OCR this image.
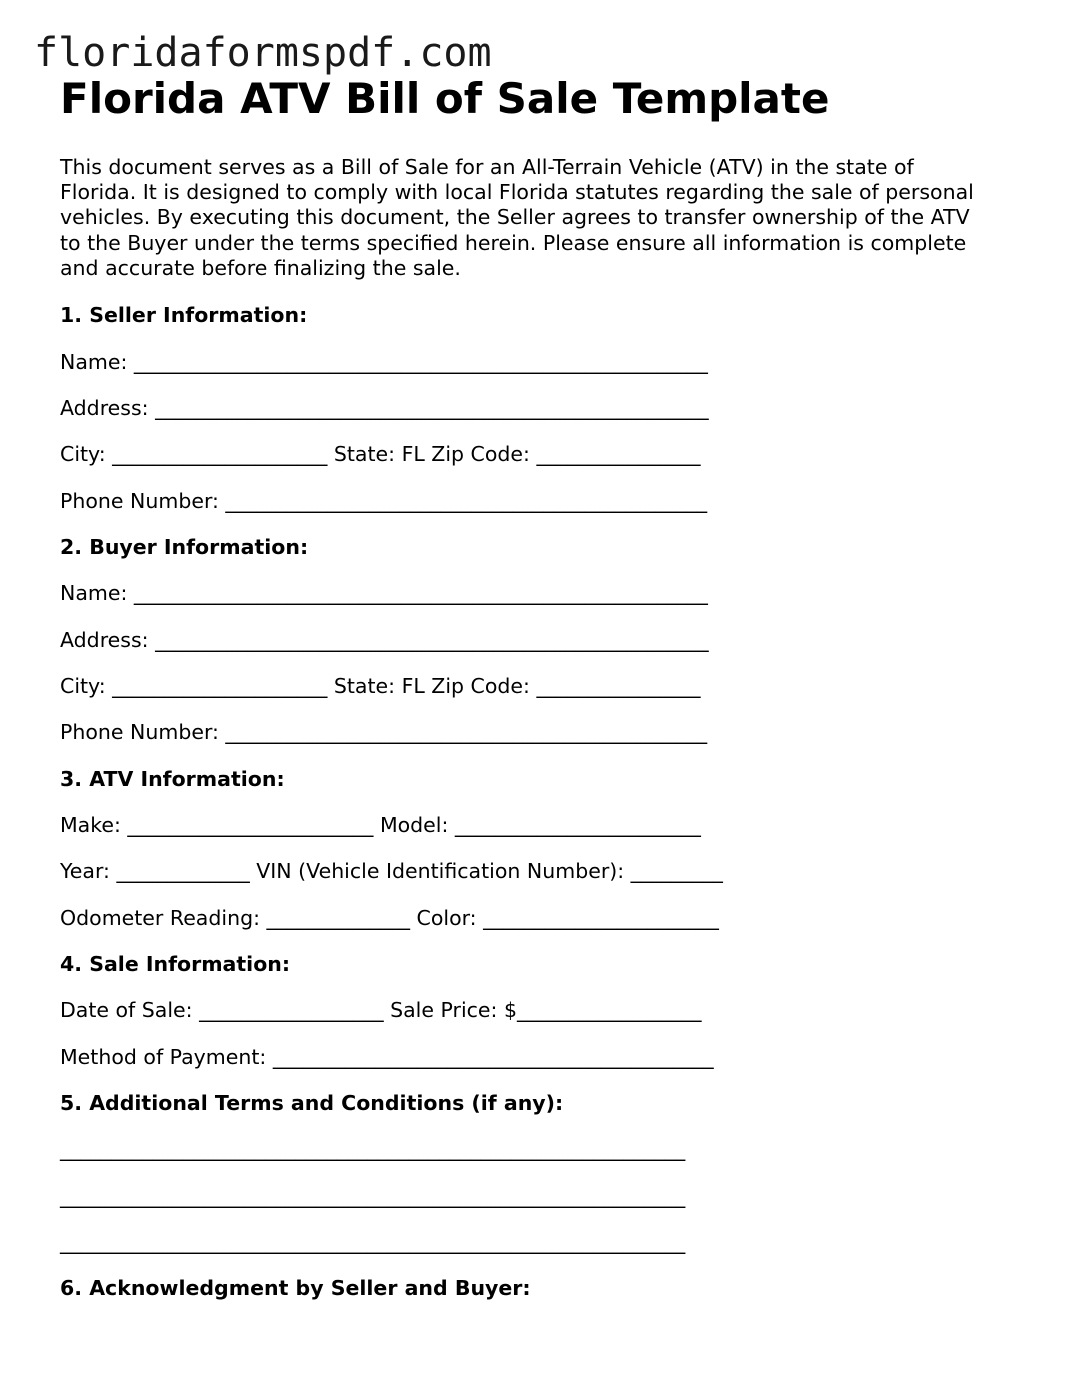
floridaformspdf.com
Florida ATV Bill of Sale Template
This document serves as a Bill of Sale for an All-Terrain Vehicle (ATV) in the state of
Florida. It is designed to comply with local Florida statutes regarding the sale of personal
vehicles. By executing this document, the Seller agrees to transfer ownership of the ATV
to the Buyer under the terms specified herein. Please ensure all information is complete
and accurate before finalizing the sale.
1. Seller Information:
Name: ________________________________________________________
Address: ______________________________________________________
City: _____________________ State: FL Zip Code: ________________
Phone Number: _______________________________________________
2. Buyer Information:
Name: ________________________________________________________
Address: ______________________________________________________
City: _____________________ State: FL Zip Code: ________________
Phone Number: _______________________________________________
3. ATV Information:
Make: ________________________ Model: ________________________
Year: _____________ VIN (Vehicle Identification Number): _________
Odometer Reading: ______________ Color: _______________________
4. Sale Information:
Date of Sale: __________________ Sale Price: $__________________
Method of Payment: ___________________________________________
5. Additional Terms and Conditions (if any):
_____________________________________________________________
_____________________________________________________________
_____________________________________________________________
6. Acknowledgment by Seller and Buyer:
